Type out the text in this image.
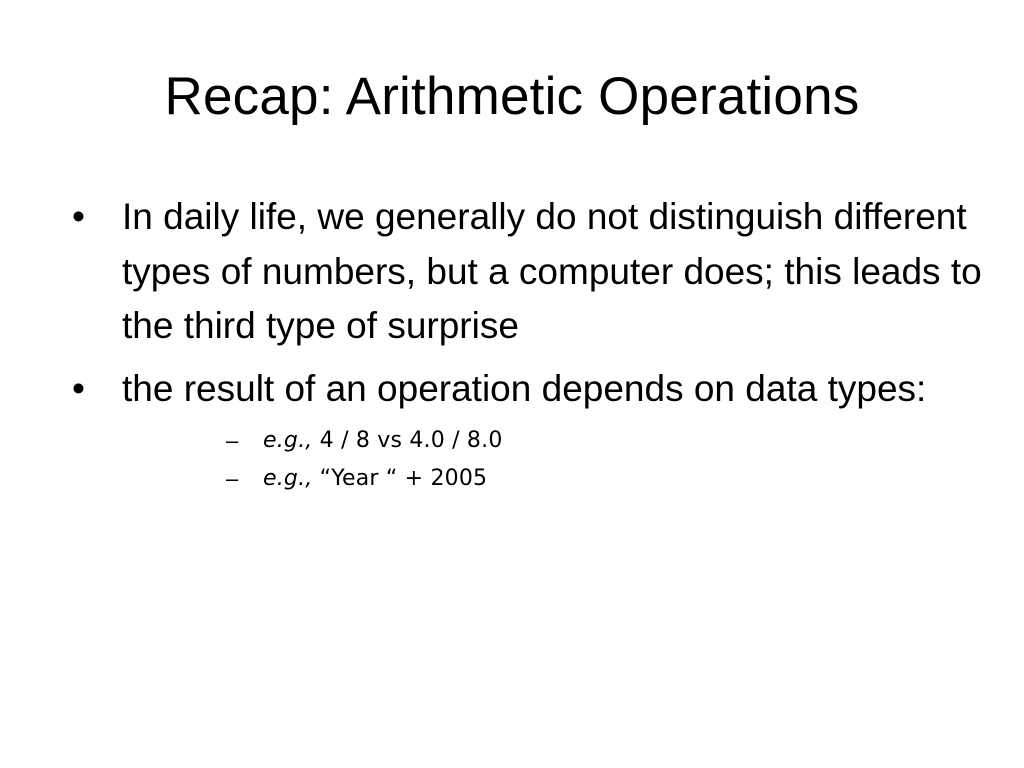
Recap: Arithmetic Operations
• In daily life, we generally do not distinguish different types of numbers, but a computer does; this leads to the third type of surprise
• the result of an operation depends on data types:
– e.g., 4 / 8 vs 4.0 / 8.0
– e.g., “Year “ + 2005
